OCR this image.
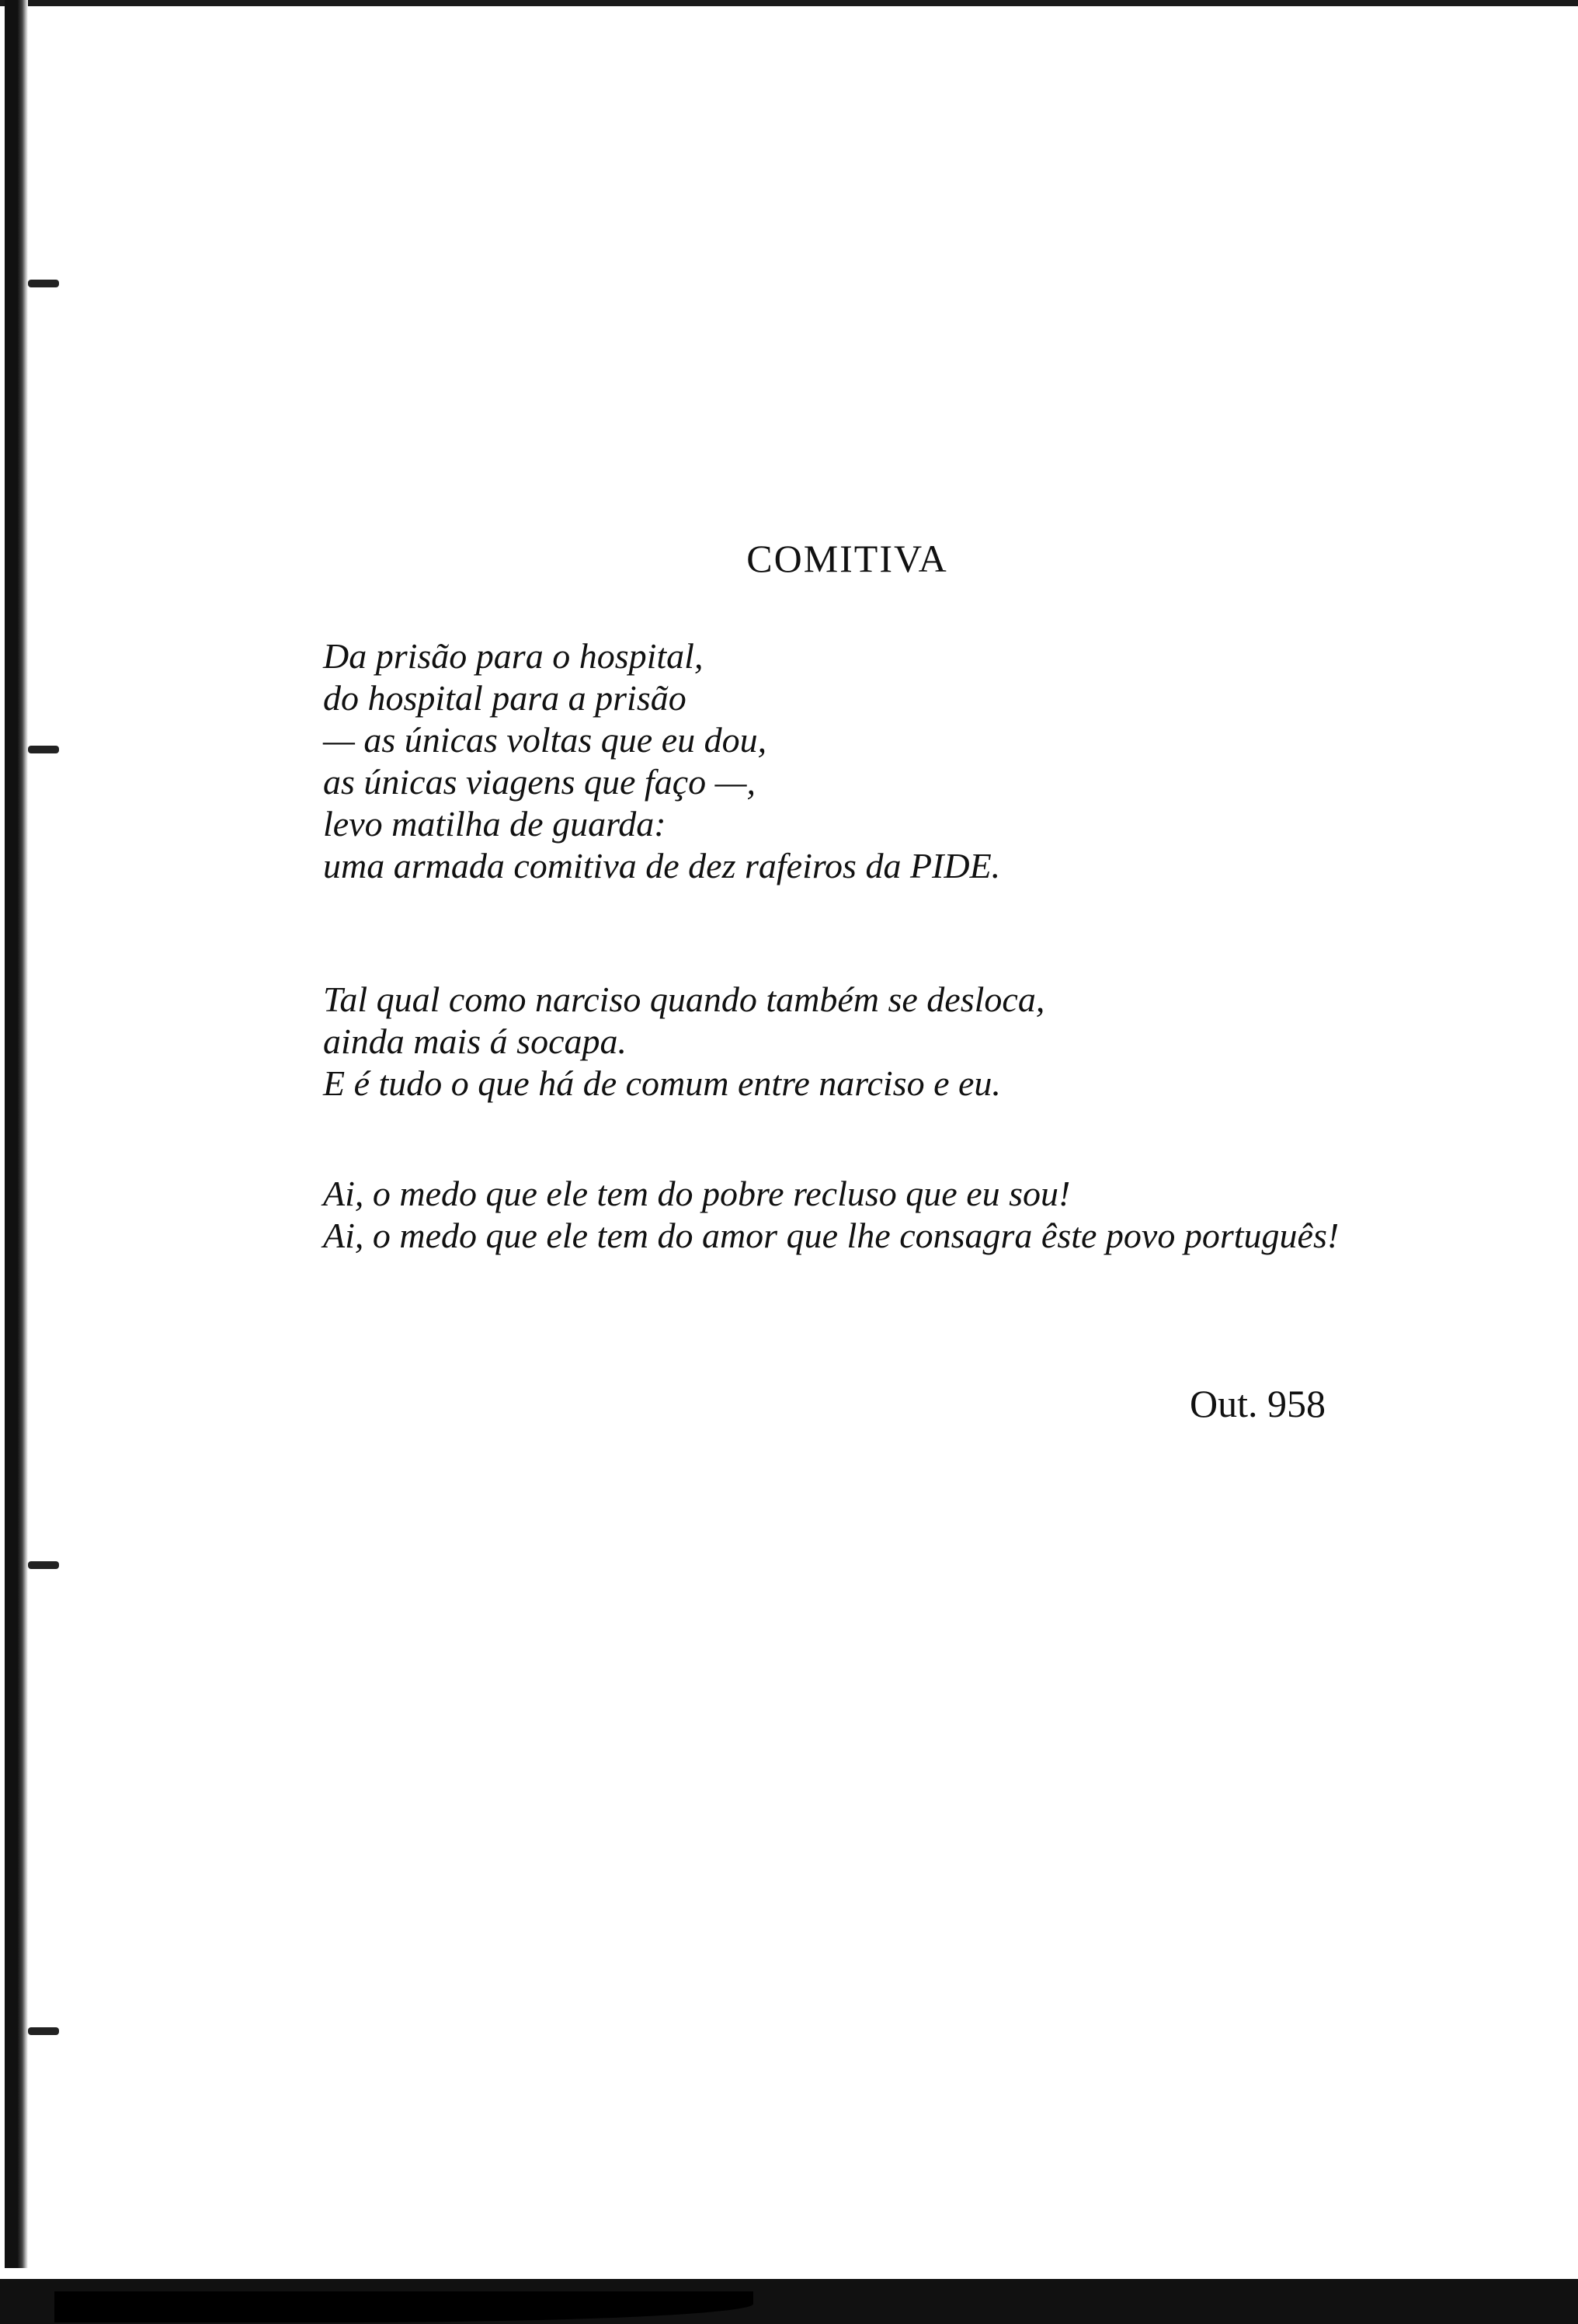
COMITIVA
Da prisão para o hospital,
do hospital para a prisão
— as únicas voltas que eu dou,
as únicas viagens que faço —,
levo matilha de guarda:
uma armada comitiva de dez rafeiros da PIDE.
Tal qual como narciso quando também se desloca,
ainda mais á socapa.
E é tudo o que há de comum entre narciso e eu.
Ai, o medo que ele tem do pobre recluso que eu sou!
Ai, o medo que ele tem do amor que lhe consagra êste povo português!
Out. 958
